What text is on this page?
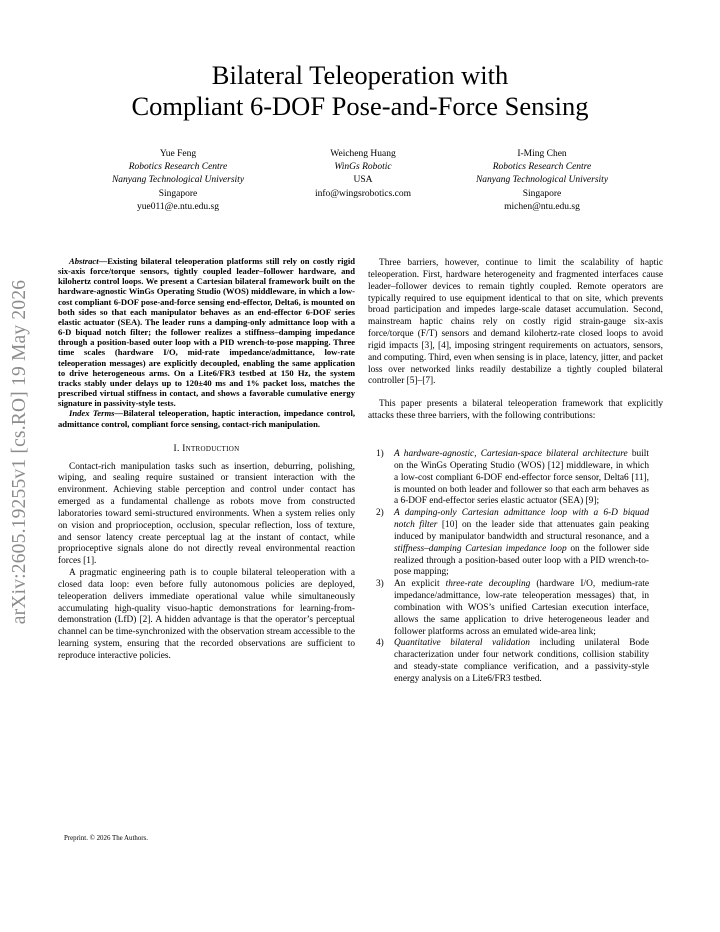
Bilateral Teleoperation with
Compliant 6-DOF Pose-and-Force Sensing
Yue Feng
Robotics Research Centre
Nanyang Technological University
Singapore
yue011@e.ntu.edu.sg
Weicheng Huang
WinGs Robotic
USA
info@wingsrobotics.com
I-Ming Chen
Robotics Research Centre
Nanyang Technological University
Singapore
michen@ntu.edu.sg
arXiv:2605.19255v1 [cs.RO] 19 May 2026

Abstract—Existing bilateral teleoperation platforms still rely on costly rigid six-axis force/torque sensors, tightly coupled leader–follower hardware, and kilohertz control loops. We present a Cartesian bilateral framework built on the hardware-agnostic WinGs Operating Studio (WOS) middleware, in which a low-cost compliant 6-DOF pose-and-force sensing end-effector, Delta6, is mounted on both sides so that each manipulator behaves as an end-effector 6-DOF series elastic actuator (SEA). The leader runs a damping-only admittance loop with a 6-D biquad notch filter; the follower realizes a stiffness–damping impedance through a position-based outer loop with a PID wrench-to-pose mapping. Three time scales (hardware I/O, mid-rate impedance/admittance, low-rate teleoperation messages) are explicitly decoupled, enabling the same application to drive heterogeneous arms. On a Lite6/FR3 testbed at 150 Hz, the system tracks stably under delays up to 120±40 ms and 1% packet loss, matches the prescribed virtual stiffness in contact, and shows a favorable cumulative energy signature in passivity-style tests.

Index Terms—Bilateral teleoperation, haptic interaction, impedance control, admittance control, compliant force sensing, contact-rich manipulation.

I. Introduction

Contact-rich manipulation tasks such as insertion, deburring, polishing, wiping, and sealing require sustained or transient interaction with the environment. Achieving stable perception and control under contact has emerged as a fundamental challenge as robots move from constructed laboratories toward semi-structured environments. When a system relies only on vision and proprioception, occlusion, specular reflection, loss of texture, and sensor latency create perceptual lag at the instant of contact, while proprioceptive signals alone do not directly reveal environmental reaction forces [1].

A pragmatic engineering path is to couple bilateral teleoperation with a closed data loop: even before fully autonomous policies are deployed, teleoperation delivers immediate operational value while simultaneously accumulating high-quality visuo-haptic demonstrations for learning-from-demonstration (LfD) [2]. A hidden advantage is that the operator’s perceptual channel can be time-synchronized with the observation stream accessible to the learning system, ensuring that the recorded observations are sufficient to reproduce interactive policies.

Preprint. © 2026 The Authors.

Three barriers, however, continue to limit the scalability of haptic teleoperation. First, hardware heterogeneity and fragmented interfaces cause leader–follower devices to remain tightly coupled. Remote operators are typically required to use equipment identical to that on site, which prevents broad participation and impedes large-scale dataset accumulation. Second, mainstream haptic chains rely on costly rigid strain-gauge six-axis force/torque (F/T) sensors and demand kilohertz-rate closed loops to avoid rigid impacts [3], [4], imposing stringent requirements on actuators, sensors, and computing. Third, even when sensing is in place, latency, jitter, and packet loss over networked links readily destabilize a tightly coupled bilateral controller [5]–[7].

This paper presents a bilateral teleoperation framework that explicitly attacks these three barriers, with the following contributions:

1) A hardware-agnostic, Cartesian-space bilateral architecture built on the WinGs Operating Studio (WOS) [12] middleware, in which a low-cost compliant 6-DOF end-effector force sensor, Delta6 [11], is mounted on both leader and follower so that each arm behaves as a 6-DOF end-effector series elastic actuator (SEA) [9];
2) A damping-only Cartesian admittance loop with a 6-D biquad notch filter [10] on the leader side that attenuates gain peaking induced by manipulator bandwidth and structural resonance, and a stiffness–damping Cartesian impedance loop on the follower side realized through a position-based outer loop with a PID wrench-to-pose mapping;
3) An explicit three-rate decoupling (hardware I/O, medium-rate impedance/admittance, low-rate teleoperation messages) that, in combination with WOS’s unified Cartesian execution interface, allows the same application to drive heterogeneous leader and follower platforms across an emulated wide-area link;
4) Quantitative bilateral validation including unilateral Bode characterization under four network conditions, collision stability and steady-state compliance verification, and a passivity-style energy analysis on a Lite6/FR3 testbed.
